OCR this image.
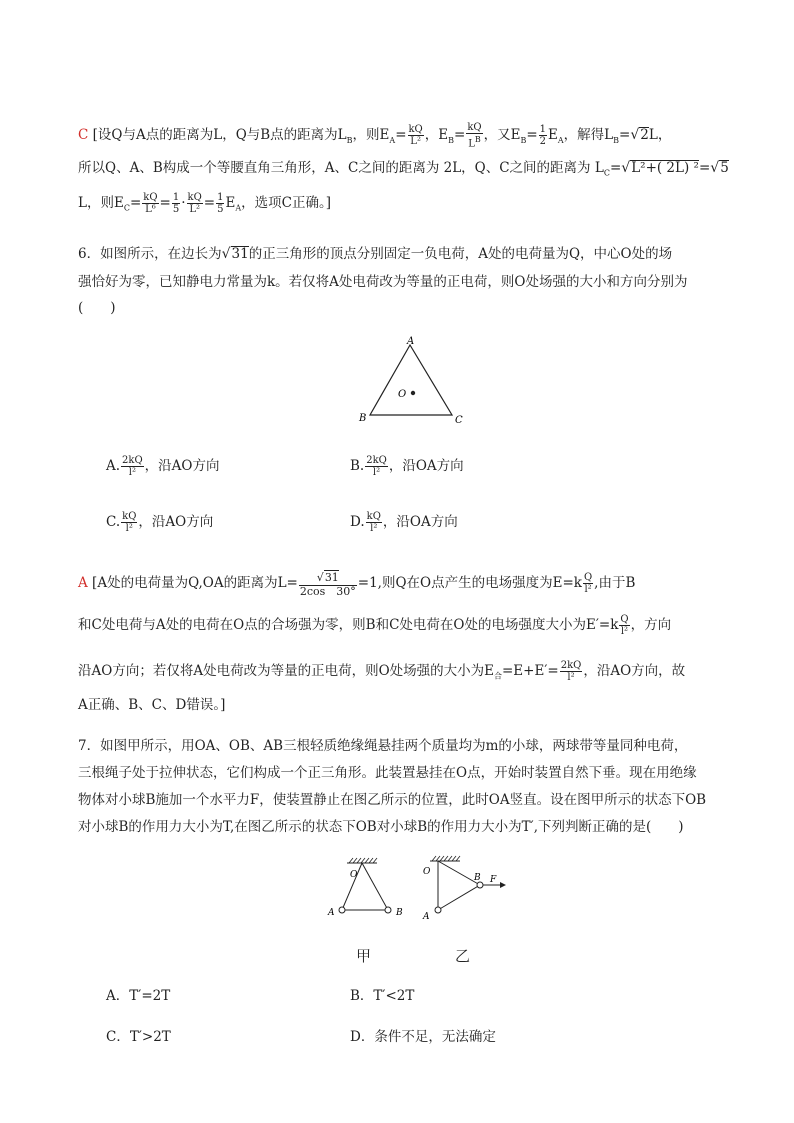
C [设Q与A点的距离为L，Q与B点的距离为$L_B$，则$E_A= \frac{kQ}{\text{L²}}$ ，$E_B= \frac{kQ}{L^B}$ ，又$E_B= \frac{1}{2} E_A$，解得$L_B=√2L$，
所以Q、A、B构成一个等腰直角三角形，A、C之间的距离为 2L，Q、C之间的距离为 $L_C=√L^2+$( 2L) ²=√5
L，则$E_C= \frac{kQ}{\text{L⁶}} = \frac{1}{5} \cdot \frac{kQ}{\text{L²}} = \frac{1}{5} E_A$，选项C正确。]
6．如图所示，在边长为√31的正三角形的顶点分别固定一负电荷，A处的电荷量为Q，中心O处的场
强恰好为零，已知静电力常量为k。若仅将A处电荷改为等量的正电荷，则O处场强的大小和方向分别为
(　　)
A
B	C
O
A. $\frac{2kQ}{\text{l²}}$ ，沿AO方向	B. $\frac{2kQ}{\text{l²}}$ ，沿OA方向
C. $\frac{kQ}{\text{l²}}$ ，沿AO方向	D. $\frac{kQ}{\text{l²}}$ ，沿OA方向
A [A处的电荷量为Q,OA的距离为$L= \frac{√31}{2\cos 30^\circ} =1$,则Q在O点产生的电场强度为$E=k \frac{Q}{\text{l²}}$ ,由于B
和C处电荷与A处的电荷在O点的合场强为零，则B和C处电荷在O处的电场强度大小为$E'=k \frac{Q}{\text{l²}}$ ，方向
沿AO方向；若仅将A处电荷改为等量的正电荷，则O处场强的大小为$E_合=E+E'= \frac{2kQ}{\text{l²}}$ ，沿AO方向，故
A正确、B、C、D错误。]
7．如图甲所示，用OA、OB、AB三根轻质绝缘绳悬挂两个质量均为m的小球，两球带等量同种电荷，
三根绳子处于拉伸状态，它们构成一个正三角形。此装置悬挂在O点，开始时装置自然下垂。现在用绝缘
物体对小球B施加一个水平力F，使装置静止在图乙所示的位置，此时OA竖直。设在图甲所示的状态下OB
对小球B的作用力大小为T,在图乙所示的状态下OB对小球B的作用力大小为T′,下列判断正确的是(　　)
O
A	B
O
B F
A
甲	乙
A．T′=2T	B．T′<2T
C．T′>2T	D．条件不足，无法确定
